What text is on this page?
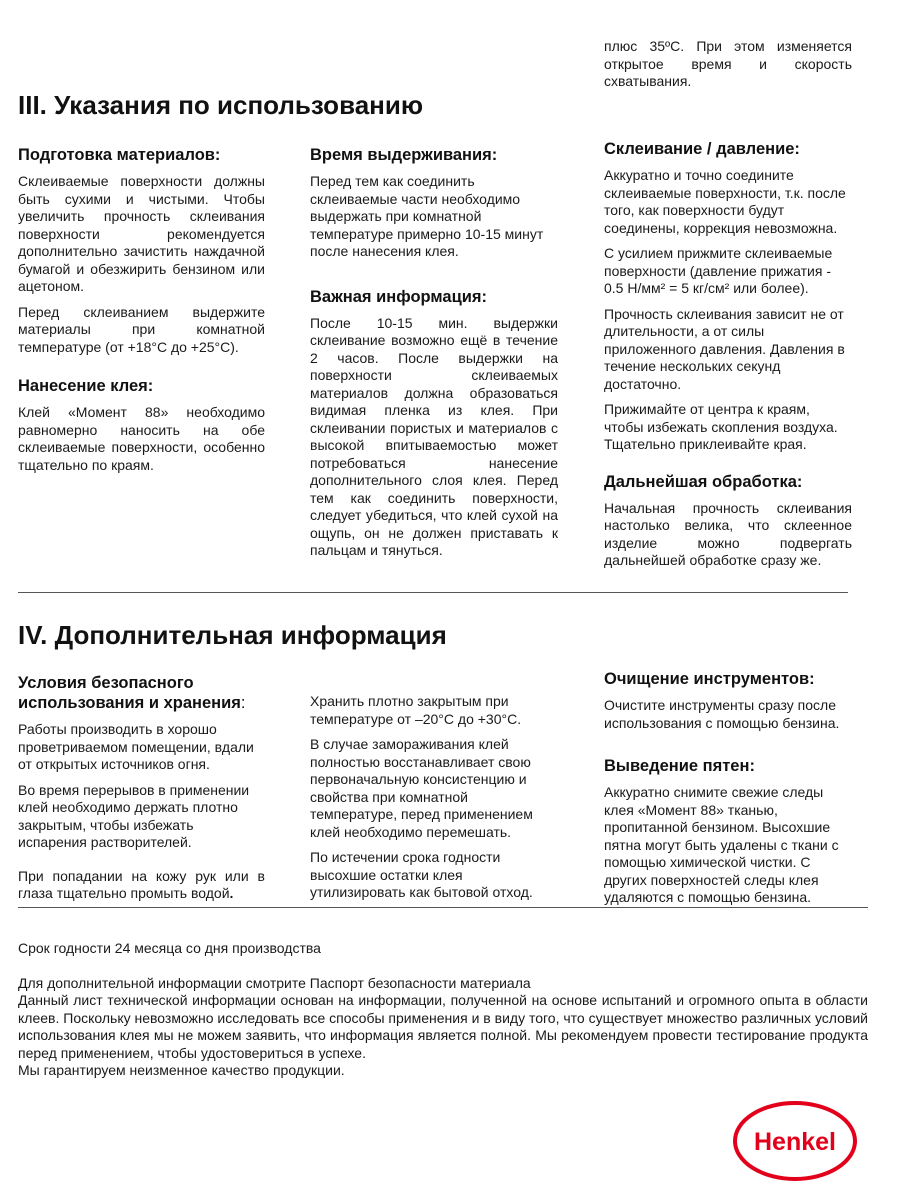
плюс 35ºC. При этом изменяется открытое время и скорость схватывания.

III. Указания по использованию
Подготовка материалов:

Склеиваемые поверхности должны быть сухими и чистыми. Чтобы увеличить прочность склеивания поверхности рекомендуется дополнительно зачистить наждачной бумагой и обезжирить бензином или ацетоном.

Перед склеиванием выдержите материалы при комнатной температуре (от +18°C до +25°C).

Нанесение клея:

Клей «Момент 88» необходимо равномерно наносить на обе склеиваемые поверхности, особенно тщательно по краям.

Время выдерживания:

Перед тем как соединить склеиваемые части необходимо выдержать при комнатной температуре примерно 10-15 минут после нанесения клея.

Важная информация:

После 10-15 мин. выдержки склеивание возможно ещё в течение 2 часов. После выдержки на поверхности склеиваемых материалов должна образоваться видимая пленка из клея. При склеивании пористых и материалов с высокой впитываемостью может потребоваться нанесение дополнительного слоя клея. Перед тем как соединить поверхности, следует убедиться, что клей сухой на ощупь, он не должен приставать к пальцам и тянуться.

Склеивание / давление:

Аккуратно и точно соедините склеиваемые поверхности, т.к. после того, как поверхности будут соединены, коррекция невозможна.

С усилием прижмите склеиваемые поверхности (давление прижатия - 0.5 Н/мм² = 5 кг/см² или более).

Прочность склеивания зависит не от длительности, а от силы приложенного давления. Давления в течение нескольких секунд достаточно.

Прижимайте от центра к краям, чтобы избежать скопления воздуха. Тщательно приклеивайте края.

Дальнейшая обработка:

Начальная прочность склеивания настолько велика, что склеенное изделие можно подвергать дальнейшей обработке сразу же.

IV. Дополнительная информация
Условия безопасного использования и хранения:

Работы производить в хорошо проветриваемом помещении, вдали от открытых источников огня.

Во время перерывов в применении клей необходимо держать плотно закрытым, чтобы избежать испарения растворителей.

При попадании на кожу рук или в глаза тщательно промыть водой.

Хранить плотно закрытым при температуре от –20°C до +30°C.

В случае замораживания клей полностью восстанавливает свою первоначальную консистенцию и свойства при комнатной температуре, перед применением клей необходимо перемешать.

По истечении срока годности высохшие остатки клея утилизировать как бытовой отход.

Очищение инструментов:

Очистите инструменты сразу после использования с помощью бензина.

Выведение пятен:

Аккуратно снимите свежие следы клея «Момент 88» тканью, пропитанной бензином. Высохшие пятна могут быть удалены с ткани с помощью химической чистки. С других поверхностей следы клея удаляются с помощью бензина.

Срок годности 24 месяца со дня производства

Для дополнительной информации смотрите Паспорт безопасности материала

Данный лист технической информации основан на информации, полученной на основе испытаний и огромного опыта в области клеев. Поскольку невозможно исследовать все способы применения и в виду того, что существует множество различных условий использования клея мы не можем заявить, что информация является полной. Мы рекомендуем провести тестирование продукта перед применением, чтобы удостовериться в успехе.

Мы гарантируем неизменное качество продукции.

Henkel
